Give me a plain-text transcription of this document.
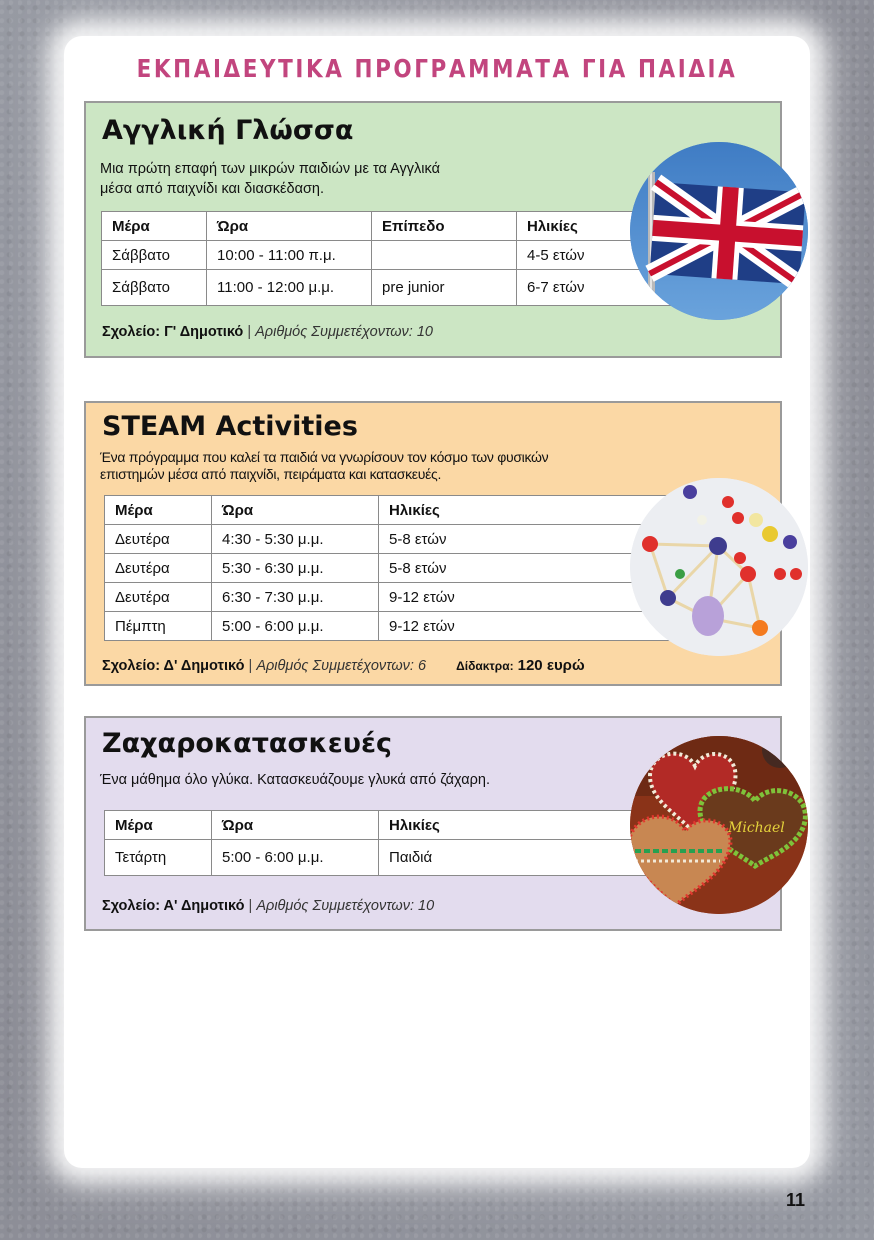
ΕΚΠΑΙΔΕΥΤΙΚΑ ΠΡΟΓΡΑΜΜΑΤΑ ΓΙΑ ΠΑΙΔΙΑ
Αγγλική Γλώσσα
Μια πρώτη επαφή των μικρών παιδιών με τα Αγγλικά
μέσα από παιχνίδι και διασκέδαση.
Μέρα	Ώρα	Επίπεδο	Ηλικίες
Σάββατο	10:00 - 11:00 π.μ.		4-5 ετών
Σάββατο	11:00 - 12:00 μ.μ.	pre junior	6-7 ετών
Σχολείο: Γ' Δημοτικό | Αριθμός Συμμετέχοντων: 10
STEAM Activities
Ένα πρόγραμμα που καλεί τα παιδιά να γνωρίσουν τον κόσμο των φυσικών
επιστημών μέσα από παιχνίδι, πειράματα και κατασκευές.
Μέρα	Ώρα	Ηλικίες
Δευτέρα	4:30 - 5:30 μ.μ.	5-8 ετών
Δευτέρα	5:30 - 6:30 μ.μ.	5-8 ετών
Δευτέρα	6:30 - 7:30 μ.μ.	9-12 ετών
Πέμπτη	5:00 - 6:00 μ.μ.	9-12 ετών
Σχολείο: Δ' Δημοτικό | Αριθμός Συμμετέχοντων: 6	Δίδακτρα: 120 ευρώ
Ζαχαροκατασκευές
Ένα μάθημα όλο γλύκα. Κατασκευάζουμε γλυκά από ζάχαρη.
Μέρα	Ώρα	Ηλικίες
Τετάρτη	5:00 - 6:00 μ.μ.	Παιδιά
Σχολείο: Α' Δημοτικό | Αριθμός Συμμετέχοντων: 10
Michael
11
